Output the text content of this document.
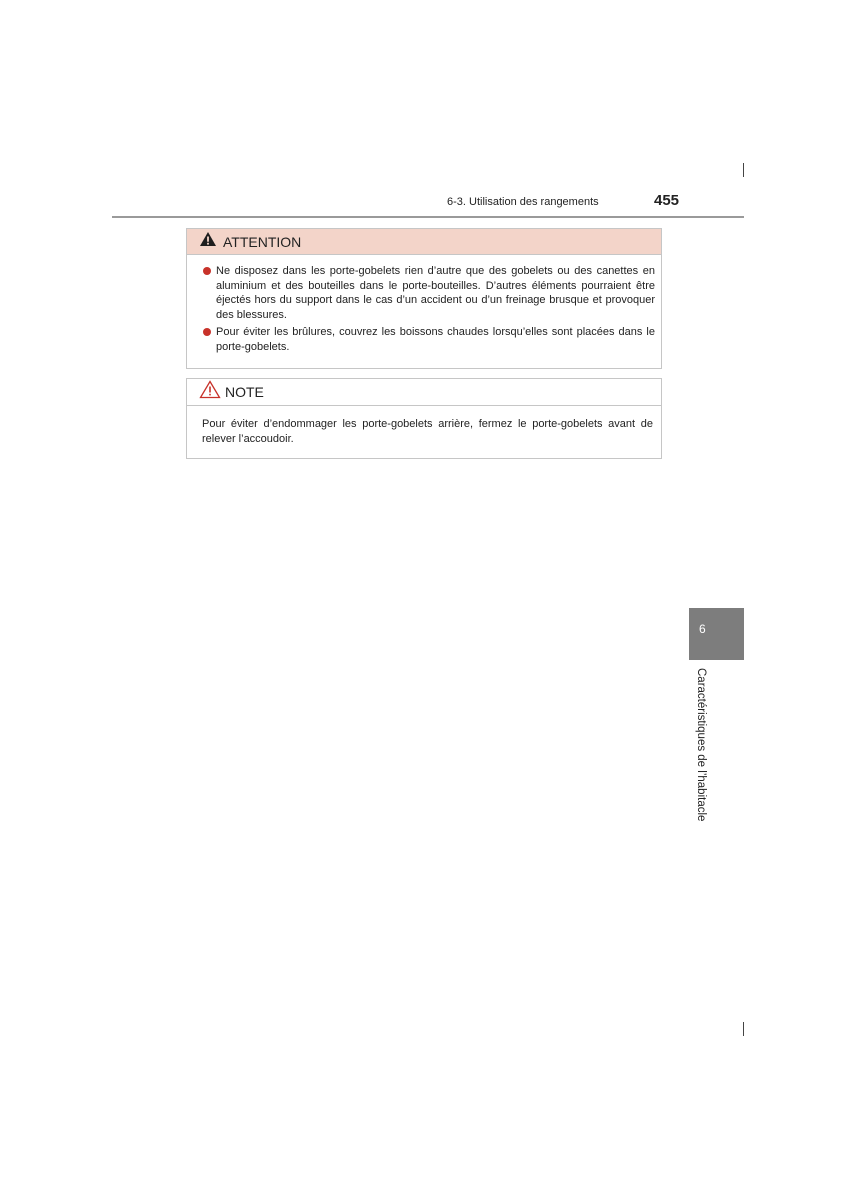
6-3. Utilisation des rangements	455
ATTENTION
Ne disposez dans les porte-gobelets rien d’autre que des gobelets ou des canettes en aluminium et des bouteilles dans le porte-bouteilles. D’autres éléments pourraient être éjectés hors du support dans le cas d’un accident ou d’un freinage brusque et provoquer des blessures.
Pour éviter les brûlures, couvrez les boissons chaudes lorsqu’elles sont placées dans le porte-gobelets.
NOTE
Pour éviter d’endommager les porte-gobelets arrière, fermez le porte-gobelets avant de relever l’accoudoir.
6
Caractéristiques de l’habitacle
